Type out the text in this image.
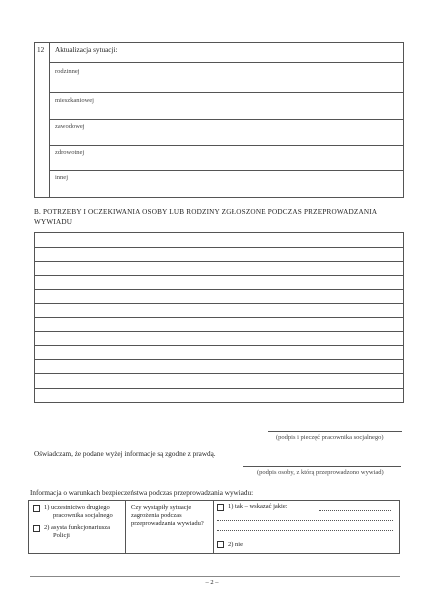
12 Aktualizacja sytuacji:
rodzinnej
mieszkaniowej
zawodowej
zdrowotnej
innej
B. POTRZEBY I OCZEKIWANIA OSOBY LUB RODZINY ZGŁOSZONE PODCZAS PRZEPROWADZANIA WYWIADU
(podpis i pieczęć pracownika socjalnego)
Oświadczam, że podane wyżej informacje są zgodne z prawdą.
(podpis osoby, z którą przeprowadzono wywiad)
Informacja o warunkach bezpieczeństwa podczas przeprowadzania wywiadu:
1) uczestnictwo drugiego
pracownika socjalnego
2) asysta funkcjonariusza
Policji
Czy wystąpiły sytuacje
zagrożenia podczas
przeprowadzania wywiadu?
1) tak – wskazać jakie:
2) nie
– 2 –
